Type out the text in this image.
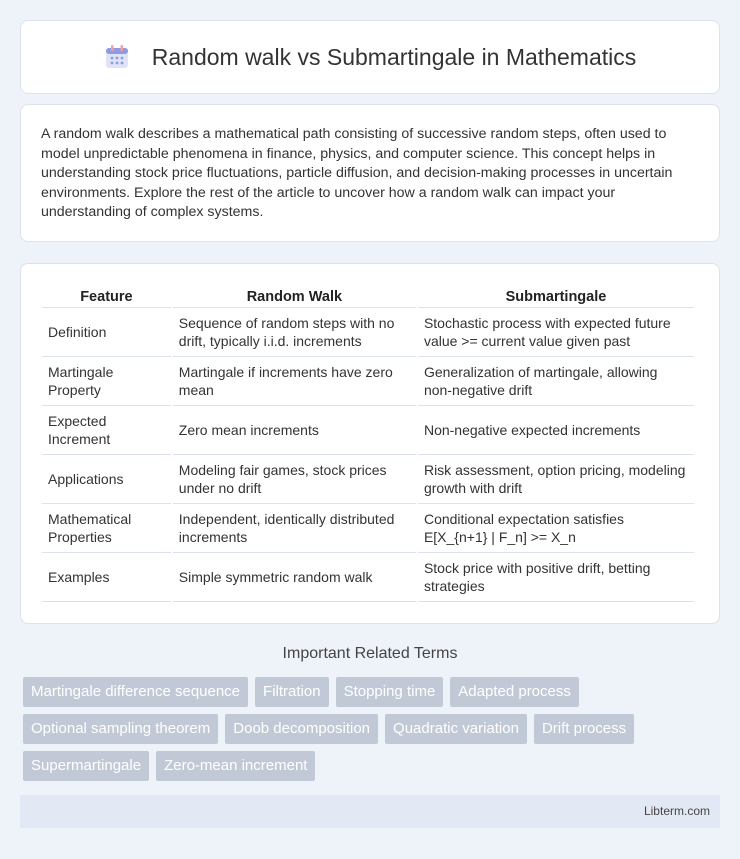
Random walk vs Submartingale in Mathematics

A random walk describes a mathematical path consisting of successive random steps, often used to model unpredictable phenomena in finance, physics, and computer science. This concept helps in understanding stock price fluctuations, particle diffusion, and decision-making processes in uncertain environments. Explore the rest of the article to uncover how a random walk can impact your understanding of complex systems.

Feature	Random Walk	Submartingale
Definition	Sequence of random steps with no drift, typically i.i.d. increments	Stochastic process with expected future value >= current value given past
Martingale Property	Martingale if increments have zero mean	Generalization of martingale, allowing non-negative drift
Expected Increment	Zero mean increments	Non-negative expected increments
Applications	Modeling fair games, stock prices under no drift	Risk assessment, option pricing, modeling growth with drift
Mathematical Properties	Independent, identically distributed increments	Conditional expectation satisfies E[X_{n+1} | F_n] >= X_n
Examples	Simple symmetric random walk	Stock price with positive drift, betting strategies
Important Related Terms
Martingale difference sequence	Filtration	Stopping time	Adapted process
Optional sampling theorem	Doob decomposition	Quadratic variation	Drift process
Supermartingale	Zero-mean increment
Libterm.com
